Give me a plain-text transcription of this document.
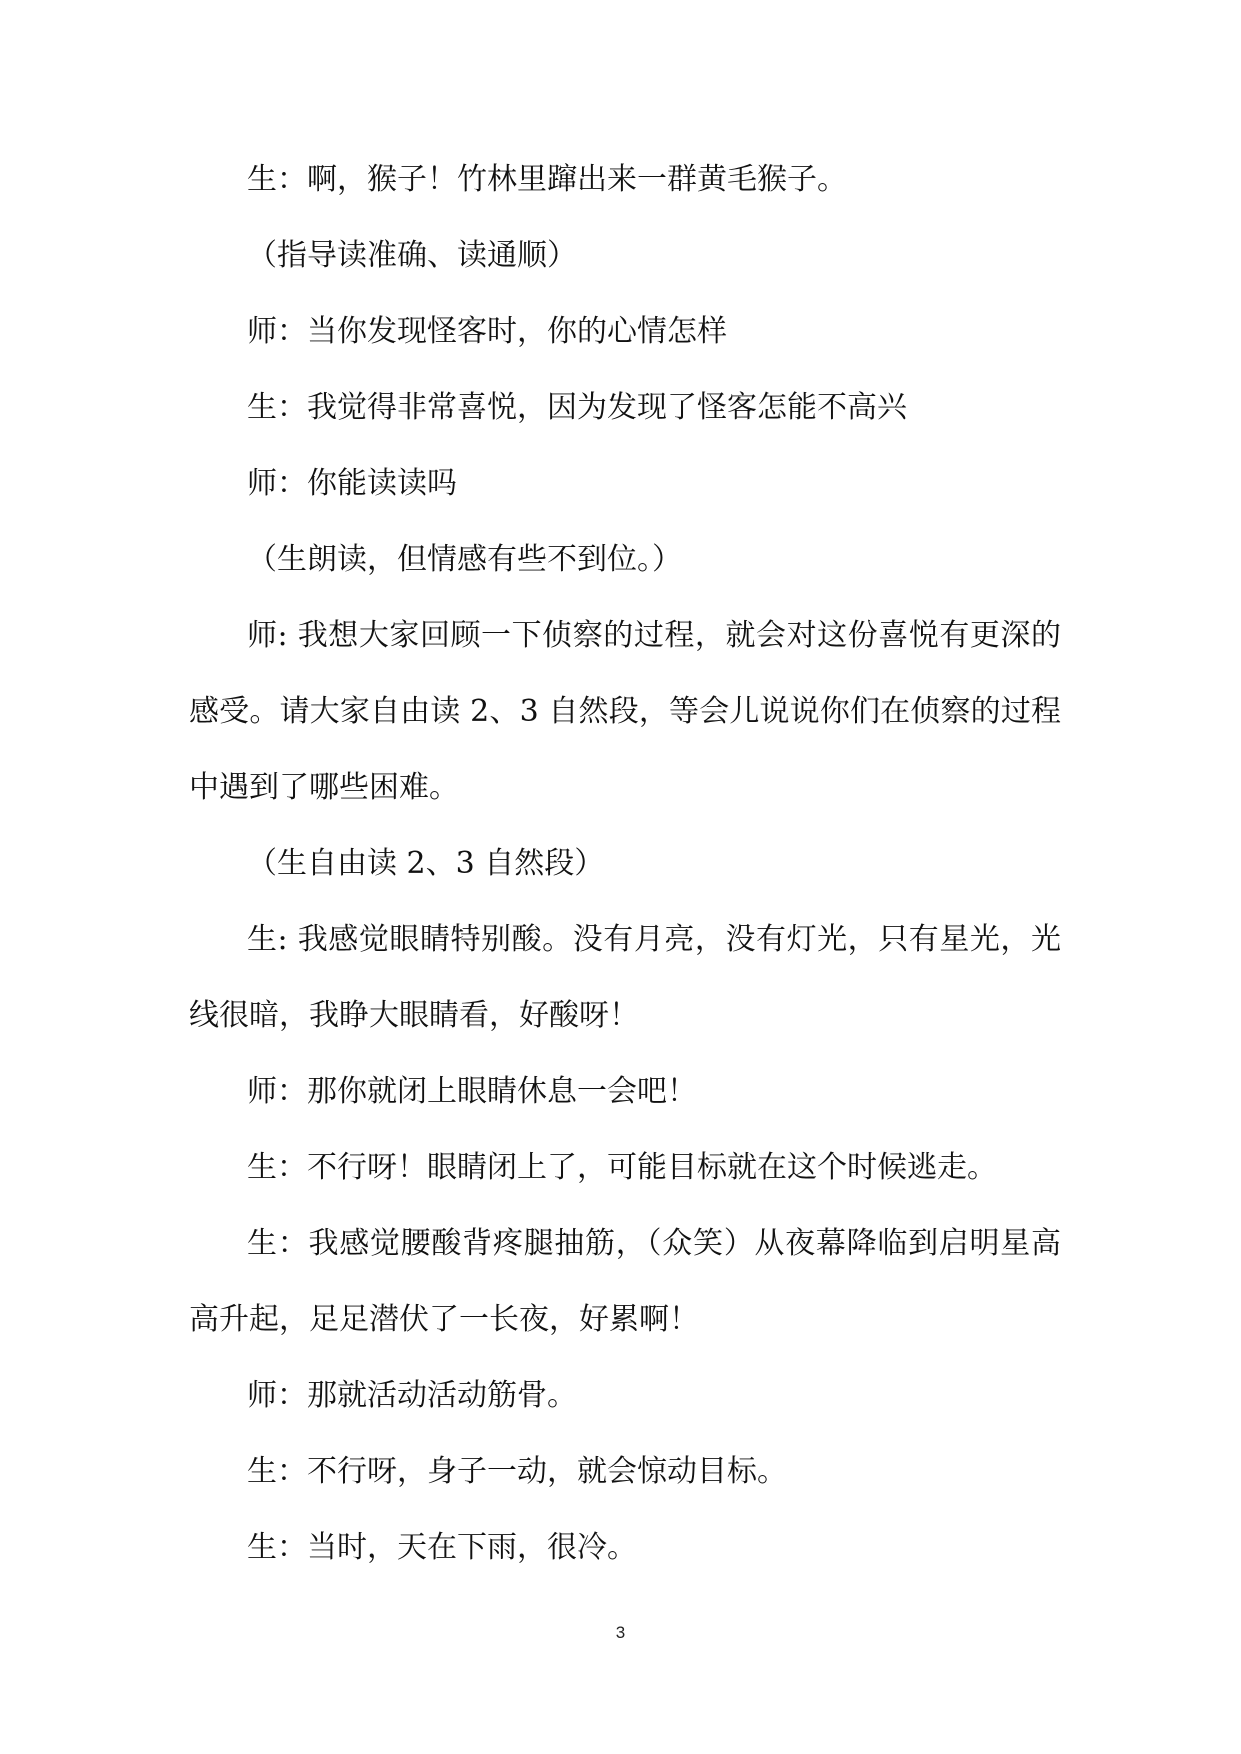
生：啊，猴子！竹林里蹿出来一群黄毛猴子。

（指导读准确、读通顺）

师：当你发现怪客时，你的心情怎样

生：我觉得非常喜悦，因为发现了怪客怎能不高兴

师：你能读读吗

（生朗读，但情感有些不到位。）

师: 我想大家回顾一下侦察的过程，就会对这份喜悦有更深的感受。请大家自由读 2、3 自然段，等会儿说说你们在侦察的过程中遇到了哪些困难。

（生自由读 2、3 自然段）

生: 我感觉眼睛特别酸。没有月亮，没有灯光，只有星光，光线很暗，我睁大眼睛看，好酸呀！

师：那你就闭上眼睛休息一会吧！

生：不行呀！眼睛闭上了，可能目标就在这个时候逃走。

生：我感觉腰酸背疼腿抽筋，（众笑）从夜幕降临到启明星高高升起，足足潜伏了一长夜，好累啊！

师：那就活动活动筋骨。

生：不行呀，身子一动，就会惊动目标。

生：当时，天在下雨，很冷。

3
